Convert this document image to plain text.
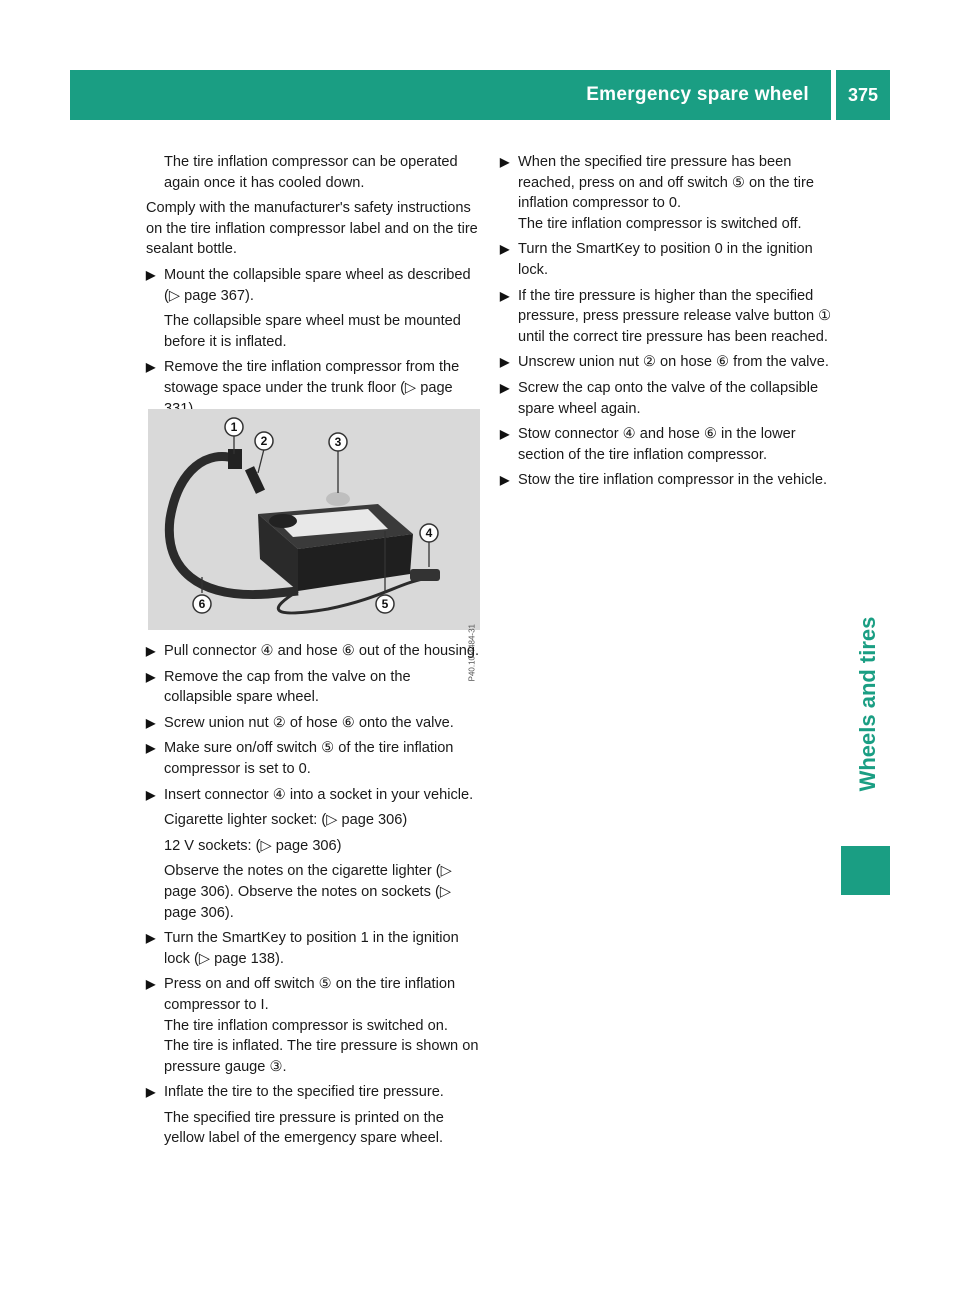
Emergency spare wheel	375
Wheels and tires

The tire inflation compressor can be operated again once it has cooled down.

Comply with the manufacturer's safety instructions on the tire inflation compressor label and on the tire sealant bottle.

▶ Mount the collapsible spare wheel as described (▷ page 367).

The collapsible spare wheel must be mounted before it is inflated.

▶ Remove the tire inflation compressor from the stowage space under the trunk floor (▷ page
1
2	3
4
5
6
P40.10-4484-31
▶ Pull connector ④ and hose ⑥ out of the housing.
▶ Remove the cap from the valve on the collapsible spare wheel.
▶ Screw union nut ② of hose ⑥ onto the valve.
▶ Make sure on/off switch ⑤ of the tire inflation compressor is set to 0.
▶ Insert connector ④ into a socket in your vehicle.

Cigarette lighter socket: (▷ page 306)

12 V sockets: (▷ page 306)

Observe the notes on the cigarette lighter (▷ page 306). Observe the notes on sockets (▷ page 306).

▶ Turn the SmartKey to position 1 in the ignition lock (▷ page 138).
▶ Press on and off switch ⑤ on the tire inflation compressor to I.

The tire inflation compressor is switched on.

The tire is inflated. The tire pressure is shown on pressure gauge ③.

▶ Inflate the tire to the specified tire pressure.

The specified tire pressure is printed on the yellow label of the emergency spare wheel.

▶ When the specified tire pressure has been reached, press on and off switch ⑤ on the tire inflation compressor to 0.

The tire inflation compressor is switched off.

▶ Turn the SmartKey to position 0 in the ignition lock.
▶ If the tire pressure is higher than the specified pressure, press pressure release valve button ① until the correct tire pressure has been reached.
▶ Unscrew union nut ② on hose ⑥ from the valve.
▶ Screw the cap onto the valve of the collapsible spare wheel again.
▶ Stow connector ④ and hose ⑥ in the lower section of the tire inflation compressor.
▶ Stow the tire inflation compressor in the vehicle.
